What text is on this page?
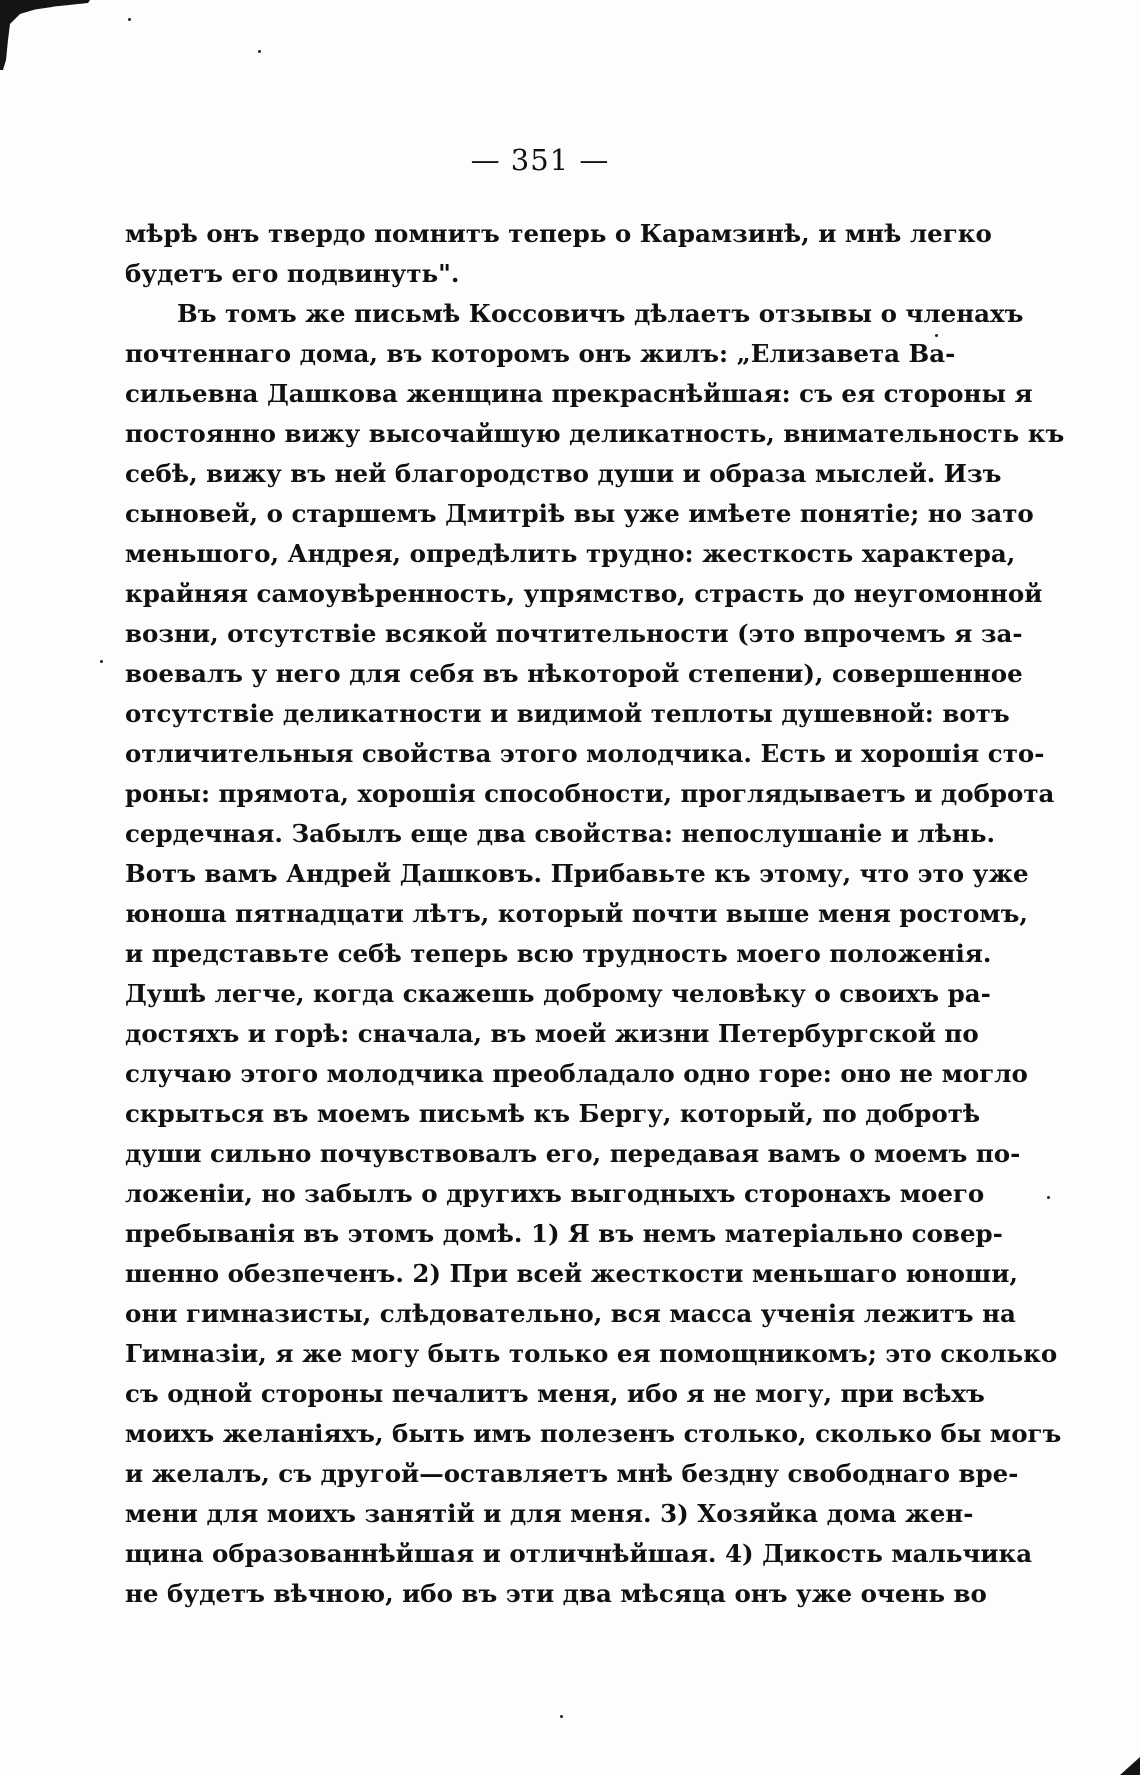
— 351 —
мѣрѣ онъ твердо помнитъ теперь о Карамзинѣ, и мнѣ легко
будетъ его подвинуть".
Въ томъ же письмѣ Коссовичъ дѣлаетъ отзывы о членахъ
почтеннаго дома, въ которомъ онъ жилъ: „Елизавета Ва-
сильевна Дашкова женщина прекраснѣйшая: съ ея стороны я
постоянно вижу высочайшую деликатность, внимательность къ
себѣ, вижу въ ней благородство души и образа мыслей. Изъ
сыновей, о старшемъ Дмитріѣ вы уже имѣете понятіе; но зато
меньшого, Андрея, опредѣлить трудно: жесткость характера,
крайняя самоувѣренность, упрямство, страсть до неугомонной
возни, отсутствіе всякой почтительности (это впрочемъ я за-
воевалъ у него для себя въ нѣкоторой степени), совершенное
отсутствіе деликатности и видимой теплоты душевной: вотъ
отличительныя свойства этого молодчика. Есть и хорошія сто-
роны: прямота, хорошія способности, проглядываетъ и доброта
сердечная. Забылъ еще два свойства: непослушаніе и лѣнь.
Вотъ вамъ Андрей Дашковъ. Прибавьте къ этому, что это уже
юноша пятнадцати лѣтъ, который почти выше меня ростомъ,
и представьте себѣ теперь всю трудность моего положенія.
Душѣ легче, когда скажешь доброму человѣку о своихъ ра-
достяхъ и горѣ: сначала, въ моей жизни Петербургской по
случаю этого молодчика преобладало одно горе: оно не могло
скрыться въ моемъ письмѣ къ Бергу, который, по добротѣ
души сильно почувствовалъ его, передавая вамъ о моемъ по-
ложеніи, но забылъ о другихъ выгодныхъ сторонахъ моего
пребыванія въ этомъ домѣ. 1) Я въ немъ матеріально совер-
шенно обезпеченъ. 2) При всей жесткости меньшаго юноши,
они гимназисты, слѣдовательно, вся масса ученія лежитъ на
Гимназіи, я же могу быть только ея помощникомъ; это сколько
съ одной стороны печалитъ меня, ибо я не могу, при всѣхъ
моихъ желаніяхъ, быть имъ полезенъ столько, сколько бы могъ
и желалъ, съ другой—оставляетъ мнѣ бездну свободнаго вре-
мени для моихъ занятій и для меня. 3) Хозяйка дома жен-
щина образованнѣйшая и отличнѣйшая. 4) Дикость мальчика
не будетъ вѣчною, ибо въ эти два мѣсяца онъ уже очень во
